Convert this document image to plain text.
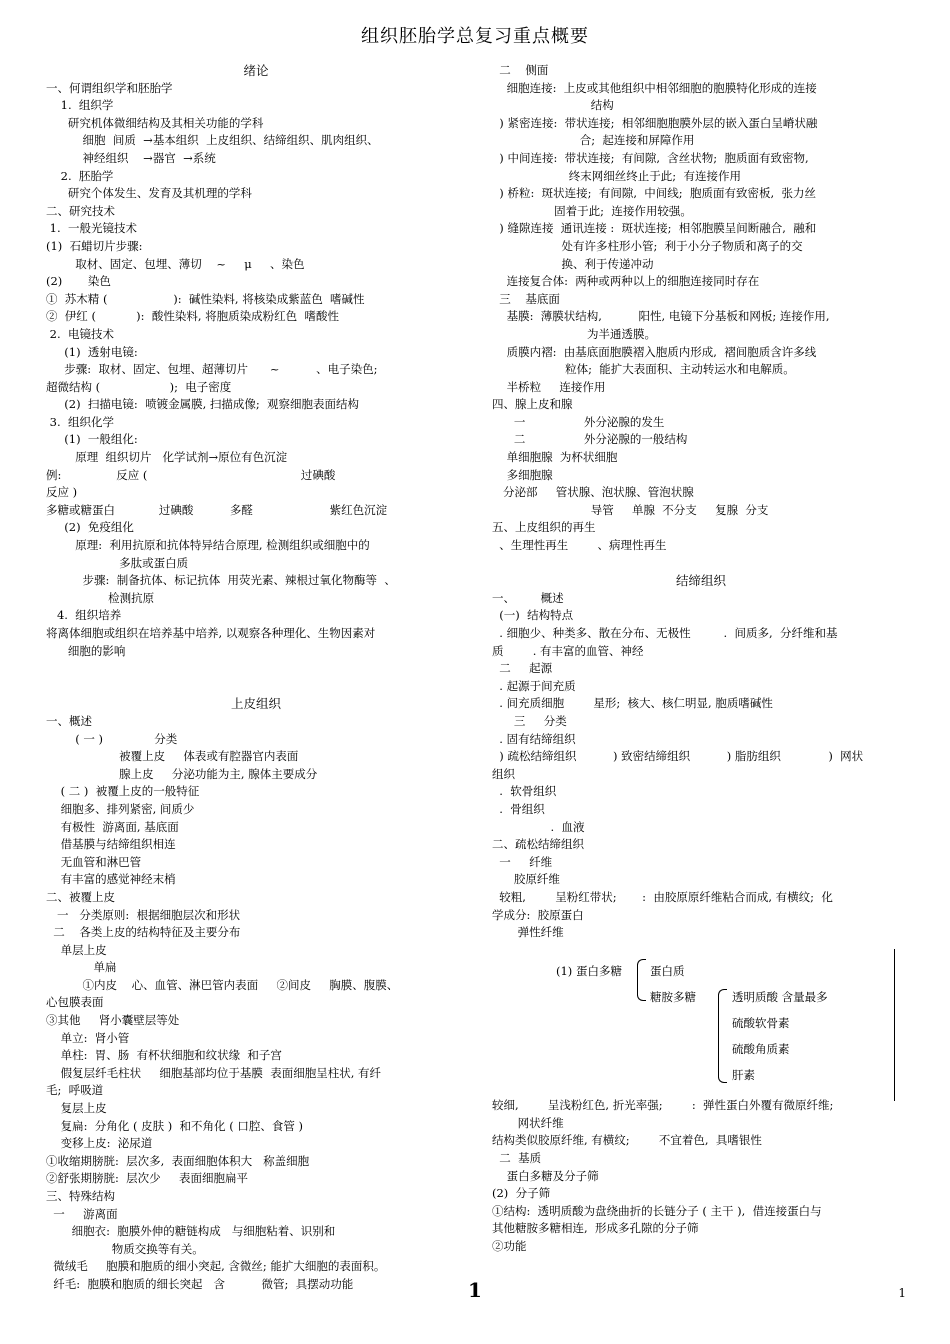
组织胚胎学总复习重点概要
绪论
一、何谓组织学和胚胎学
1.  组织学
研究机体微细结构及其相关功能的学科
细胞  间质  →基本组织  上皮组织、结缔组织、肌肉组织、
神经组织    →器官  →系统
2.  胚胎学
研究个体发生、发育及其机理的学科
二、研究技术
1.  一般光镜技术
(1)  石蜡切片步骤:
取材、固定、包埋、薄切    ~     μ     、染色
(2)       染色
①  苏木精 (                  ):  碱性染料, 将核染成紫蓝色  嗜碱性
②  伊红 (           ):  酸性染料, 将胞质染成粉红色  嗜酸性
2.  电镜技术
(1)  透射电镜:
步骤:  取材、固定、包埋、超薄切片      ~          、电子染色;
超微结构 (                   );  电子密度
(2)  扫描电镜:  喷镀金属膜, 扫描成像;  观察细胞表面结构
3.  组织化学
(1)  一般组化:
原理  组织切片   化学试剂→原位有色沉淀
例:               反应 (                                          过碘酸
反应 )
多糖或糖蛋白            过碘酸          多醛                     紫红色沉淀
(2)  免疫组化
原理:  利用抗原和抗体特异结合原理, 检测组织或细胞中的
多肽或蛋白质
步骤:  制备抗体、标记抗体  用荧光素、辣根过氧化物酶等  、
检测抗原
4.  组织培养
将离体细胞或组织在培养基中培养, 以观察各种理化、生物因素对
细胞的影响
上皮组织
一、概述
( 一 )              分类
被覆上皮     体表或有腔器官内表面
腺上皮     分泌功能为主, 腺体主要成分
( 二 )  被覆上皮的一般特征
细胞多、排列紧密, 间质少
有极性  游离面, 基底面
借基膜与结缔组织相连
无血管和淋巴管
有丰富的感觉神经末梢
二、被覆上皮
一   分类原则:  根据细胞层次和形状
二    各类上皮的结构特征及主要分布
单层上皮
单扁
①内皮    心、血管、淋巴管内表面     ②间皮     胸膜、腹膜、
心包膜表面
③其他     肾小囊壁层等处
单立:  肾小管
单柱:  胃、肠  有杯状细胞和纹状缘  和子宫
假复层纤毛柱状     细胞基部均位于基膜  表面细胞呈柱状, 有纤
毛;  呼吸道
复层上皮
复扁:  分角化 ( 皮肤 )  和不角化 ( 口腔、食管 )
变移上皮:  泌尿道
①收缩期膀胱:  层次多,  表面细胞体积大   称盖细胞
②舒张期膀胱:  层次少     表面细胞扁平
三、特殊结构
一     游离面
细胞衣:  胞膜外伸的糖链构成   与细胞粘着、识别和
物质交换等有关。
微绒毛     胞膜和胞质的细小突起, 含微丝; 能扩大细胞的表面积。
纤毛:  胞膜和胞质的细长突起   含          微管;  具摆动功能
二    侧面
细胞连接:  上皮或其他组织中相邻细胞的胞膜特化形成的连接
结构
) 紧密连接:  带状连接;  相邻细胞胞膜外层的嵌入蛋白呈嵴状融
合;  起连接和屏障作用
) 中间连接:  带状连接;  有间隙,  含丝状物;  胞质面有致密物,
终末网细丝终止于此;  有连接作用
) 桥粒:  斑状连接;  有间隙,  中间线;  胞质面有致密板,  张力丝
固着于此;  连接作用较强。
) 缝隙连接  通讯连接 :  斑状连接;  相邻胞膜呈间断融合,  融和
处有许多柱形小管;  利于小分子物质和离子的交
换、利于传递冲动
连接复合体:  两种或两种以上的细胞连接同时存在
三    基底面
基膜:  薄膜状结构,          阳性, 电镜下分基板和网板; 连接作用,
为半通透膜。
质膜内褶:  由基底面胞膜褶入胞质内形成,  褶间胞质含许多线
粒体;  能扩大表面积、主动转运水和电解质。
半桥粒     连接作用
四、腺上皮和腺
一                外分泌腺的发生
二                外分泌腺的一般结构
单细胞腺  为杯状细胞
多细胞腺
分泌部     管状腺、泡状腺、管泡状腺
导管     单腺  不分支     复腺  分支
五、上皮组织的再生
、生理性再生        、病理性再生
结缔组织
一、       概述
(一)  结构特点
. 细胞少、种类多、散在分布、无极性         .  间质多,  分纤维和基
质        . 有丰富的血管、神经
二     起源
. 起源于间充质
. 间充质细胞        星形;  核大、核仁明显, 胞质嗜碱性
三     分类
. 固有结缔组织
) 疏松结缔组织          ) 致密结缔组织          ) 脂肪组织             )  网状
组织
.  软骨组织
.  骨组织
.  血液
二、疏松结缔组织
一     纤维
胶原纤维
较粗,        呈粉红带状;       :  由胶原原纤维粘合而成, 有横纹;  化
学成分:  胶原蛋白
弹性纤维
(1) 蛋白多糖 蛋白质
糖胺多糖	透明质酸 含量最多
硫酸软骨素
硫酸角质素
肝素
较细,        呈浅粉红色, 折光率强;        :  弹性蛋白外覆有微原纤维;
网状纤维
结构类似胶原纤维, 有横纹;        不宜着色,  具嗜银性
二  基质
蛋白多糖及分子筛
(2)  分子筛
①结构:  透明质酸为盘绕曲折的长链分子 ( 主干 ),  借连接蛋白与
其他糖胺多糖相连,  形成多孔隙的分子筛
②功能
1	1
